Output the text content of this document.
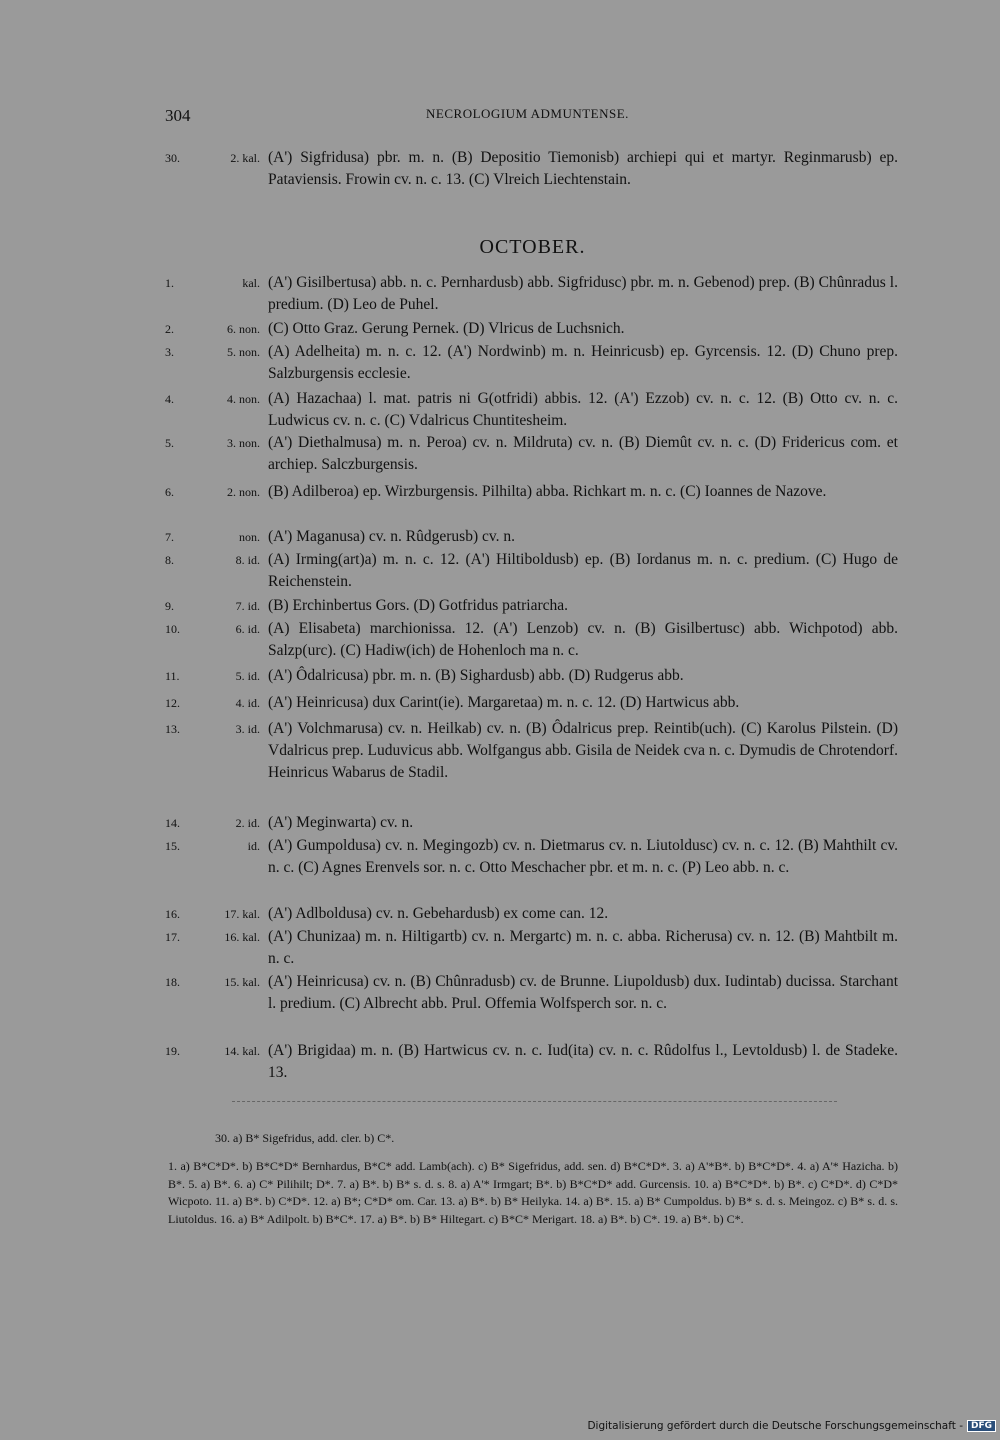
304	NECROLOGIUM ADMUNTENSE.
30.	2. kal. (A') Sigfridusa) pbr. m. n. (B) Depositio Tiemonisb) archiepi qui et martyr. Reginmarusb) ep. Pataviensis. Frowin cv. n. c. 13. (C) Vlreich Liechtenstain.
OCTOBER.
1.	kal. (A') Gisilbertusa) abb. n. c. Pernhardusb) abb. Sigfridusc) pbr. m. n. Gebenod) prep. (B) Chûnradus l. predium. (D) Leo de Puhel.
2.	6. non. (C) Otto Graz. Gerung Pernek. (D) Vlricus de Luchsnich.
3.	5. non. (A) Adelheita) m. n. c. 12. (A') Nordwinb) m. n. Heinricusb) ep. Gyrcensis. 12. (D) Chuno prep. Salzburgensis ecclesie.
4.	4. non. (A) Hazachaa) l. mat. patris ni G(otfridi) abbis. 12. (A') Ezzob) cv. n. c. 12. (B) Otto cv. n. c. Ludwicus cv. n. c. (C) Vdalricus Chuntitesheim.
5.	3. non. (A') Diethalmusa) m. n. Peroa) cv. n. Mildruta) cv. n. (B) Diemût cv. n. c. (D) Fridericus com. et archiep. Salczburgensis.
6.	2. non. (B) Adilberoa) ep. Wirzburgensis. Pilhilta) abba. Richkart m. n. c. (C) Ioannes de Nazove.
7.	non. (A') Maganusa) cv. n. Rûdgerusb) cv. n.
8.	8. id. (A) Irming(art)a) m. n. c. 12. (A') Hiltiboldusb) ep. (B) Iordanus m. n. c. predium. (C) Hugo de Reichenstein.
9.	7. id. (B) Erchinbertus Gors. (D) Gotfridus patriarcha.
10.	6. id. (A) Elisabeta) marchionissa. 12. (A') Lenzob) cv. n. (B) Gisilbertusc) abb. Wichpotod) abb. Salzp(urc). (C) Hadiw(ich) de Hohenloch ma n. c.
11.	5. id. (A') Ôdalricusa) pbr. m. n. (B) Sighardusb) abb. (D) Rudgerus abb.
12.	4. id. (A') Heinricusa) dux Carint(ie). Margaretaa) m. n. c. 12. (D) Hartwicus abb.
13.	3. id. (A') Volchmarusa) cv. n. Heilkab) cv. n. (B) Ôdalricus prep. Reintib(uch). (C) Karolus Pilstein. (D) Vdalricus prep. Luduvicus abb. Wolfgangus abb. Gisila de Neidek cva n. c. Dymudis de Chrotendorf. Heinricus Wabarus de Stadil.
14.	2. id. (A') Meginwarta) cv. n.
15.	id. (A') Gumpoldusa) cv. n. Megingozb) cv. n. Dietmarus cv. n. Liutoldusc) cv. n. c. 12. (B) Mahthilt cv. n. c. (C) Agnes Erenvels sor. n. c. Otto Meschacher pbr. et m. n. c. (P) Leo abb. n. c.
16.	17. kal. (A') Adlboldusa) cv. n. Gebehardusb) ex come can. 12.
17.	16. kal. (A') Chunizaa) m. n. Hiltigartb) cv. n. Mergartc) m. n. c. abba. Richerusa) cv. n. 12. (B) Mahtbilt m. n. c.
18.	15. kal. (A') Heinricusa) cv. n. (B) Chûnradusb) cv. de Brunne. Liupoldusb) dux. Iudintab) ducissa. Starchant l. predium. (C) Albrecht abb. Prul. Offemia Wolfsperch sor. n. c.
19.	14. kal. (A') Brigidaa) m. n. (B) Hartwicus cv. n. c. Iud(ita) cv. n. c. Rûdolfus l., Levtoldusb) l. de Stadeke. 13.
30. a) B* Sigefridus, add. cler. b) C*.
1. a) B*C*D*. b) B*C*D* Bernhardus, B*C* add. Lamb(ach). c) B* Sigefridus, add. sen. d) B*C*D*. 3. a) A'*B*. b) B*C*D*. 4. a) A'* Hazicha. b) B*. 5. a) B*. 6. a) C* Pilihilt; D*. 7. a) B*. b) B* s. d. s. 8. a) A'* Irmgart; B*. b) B*C*D* add. Gurcensis. 10. a) B*C*D*. b) B*. c) C*D*. d) C*D* Wicpoto. 11. a) B*. b) C*D*. 12. a) B*; C*D* om. Car. 13. a) B*. b) B* Heilyka. 14. a) B*. 15. a) B* Cumpoldus. b) B* s. d. s. Meingoz. c) B* s. d. s. Liutoldus. 16. a) B* Adilpolt. b) B*C*. 17. a) B*. b) B* Hiltegart. c) B*C* Merigart. 18. a) B*. b) C*. 19. a) B*. b) C*.
Digitalisierung gefördert durch die Deutsche Forschungsgemeinschaft - DFG
